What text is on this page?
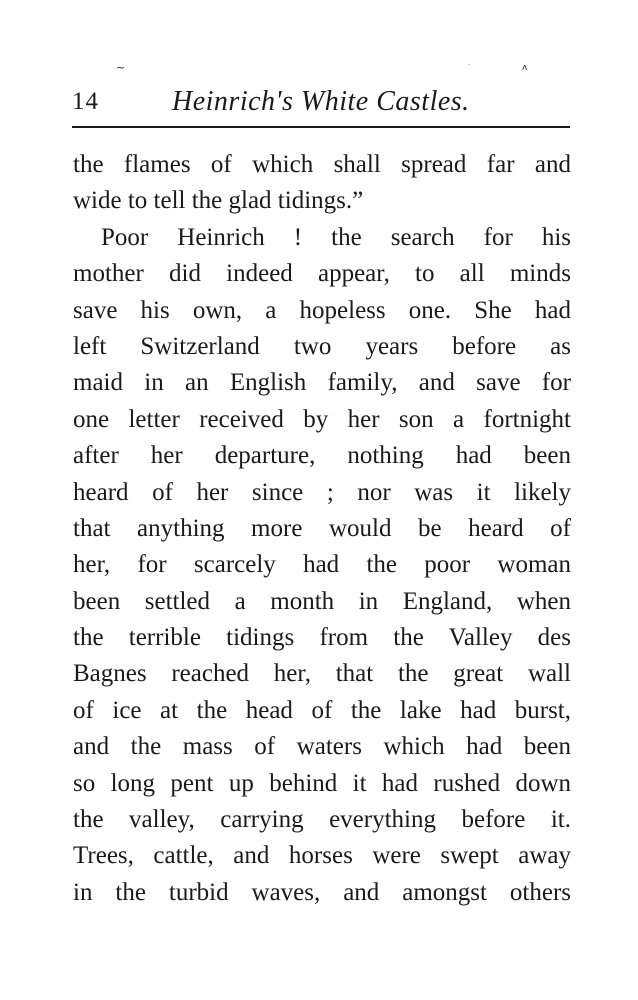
~	·	ʌ
14	Heinrich's White Castles.
the flames of which shall spread far and
wide to tell the glad tidings.”
Poor Heinrich ! the search for his
mother did indeed appear, to all minds
save his own, a hopeless one. She had
left Switzerland two years before as
maid in an English family, and save for
one letter received by her son a fortnight
after her departure, nothing had been
heard of her since ; nor was it likely
that anything more would be heard of
her, for scarcely had the poor woman
been settled a month in England, when
the terrible tidings from the Valley des
Bagnes reached her, that the great wall
of ice at the head of the lake had burst,
and the mass of waters which had been
so long pent up behind it had rushed down
the valley, carrying everything before it.
Trees, cattle, and horses were swept away
in the turbid waves, and amongst others
